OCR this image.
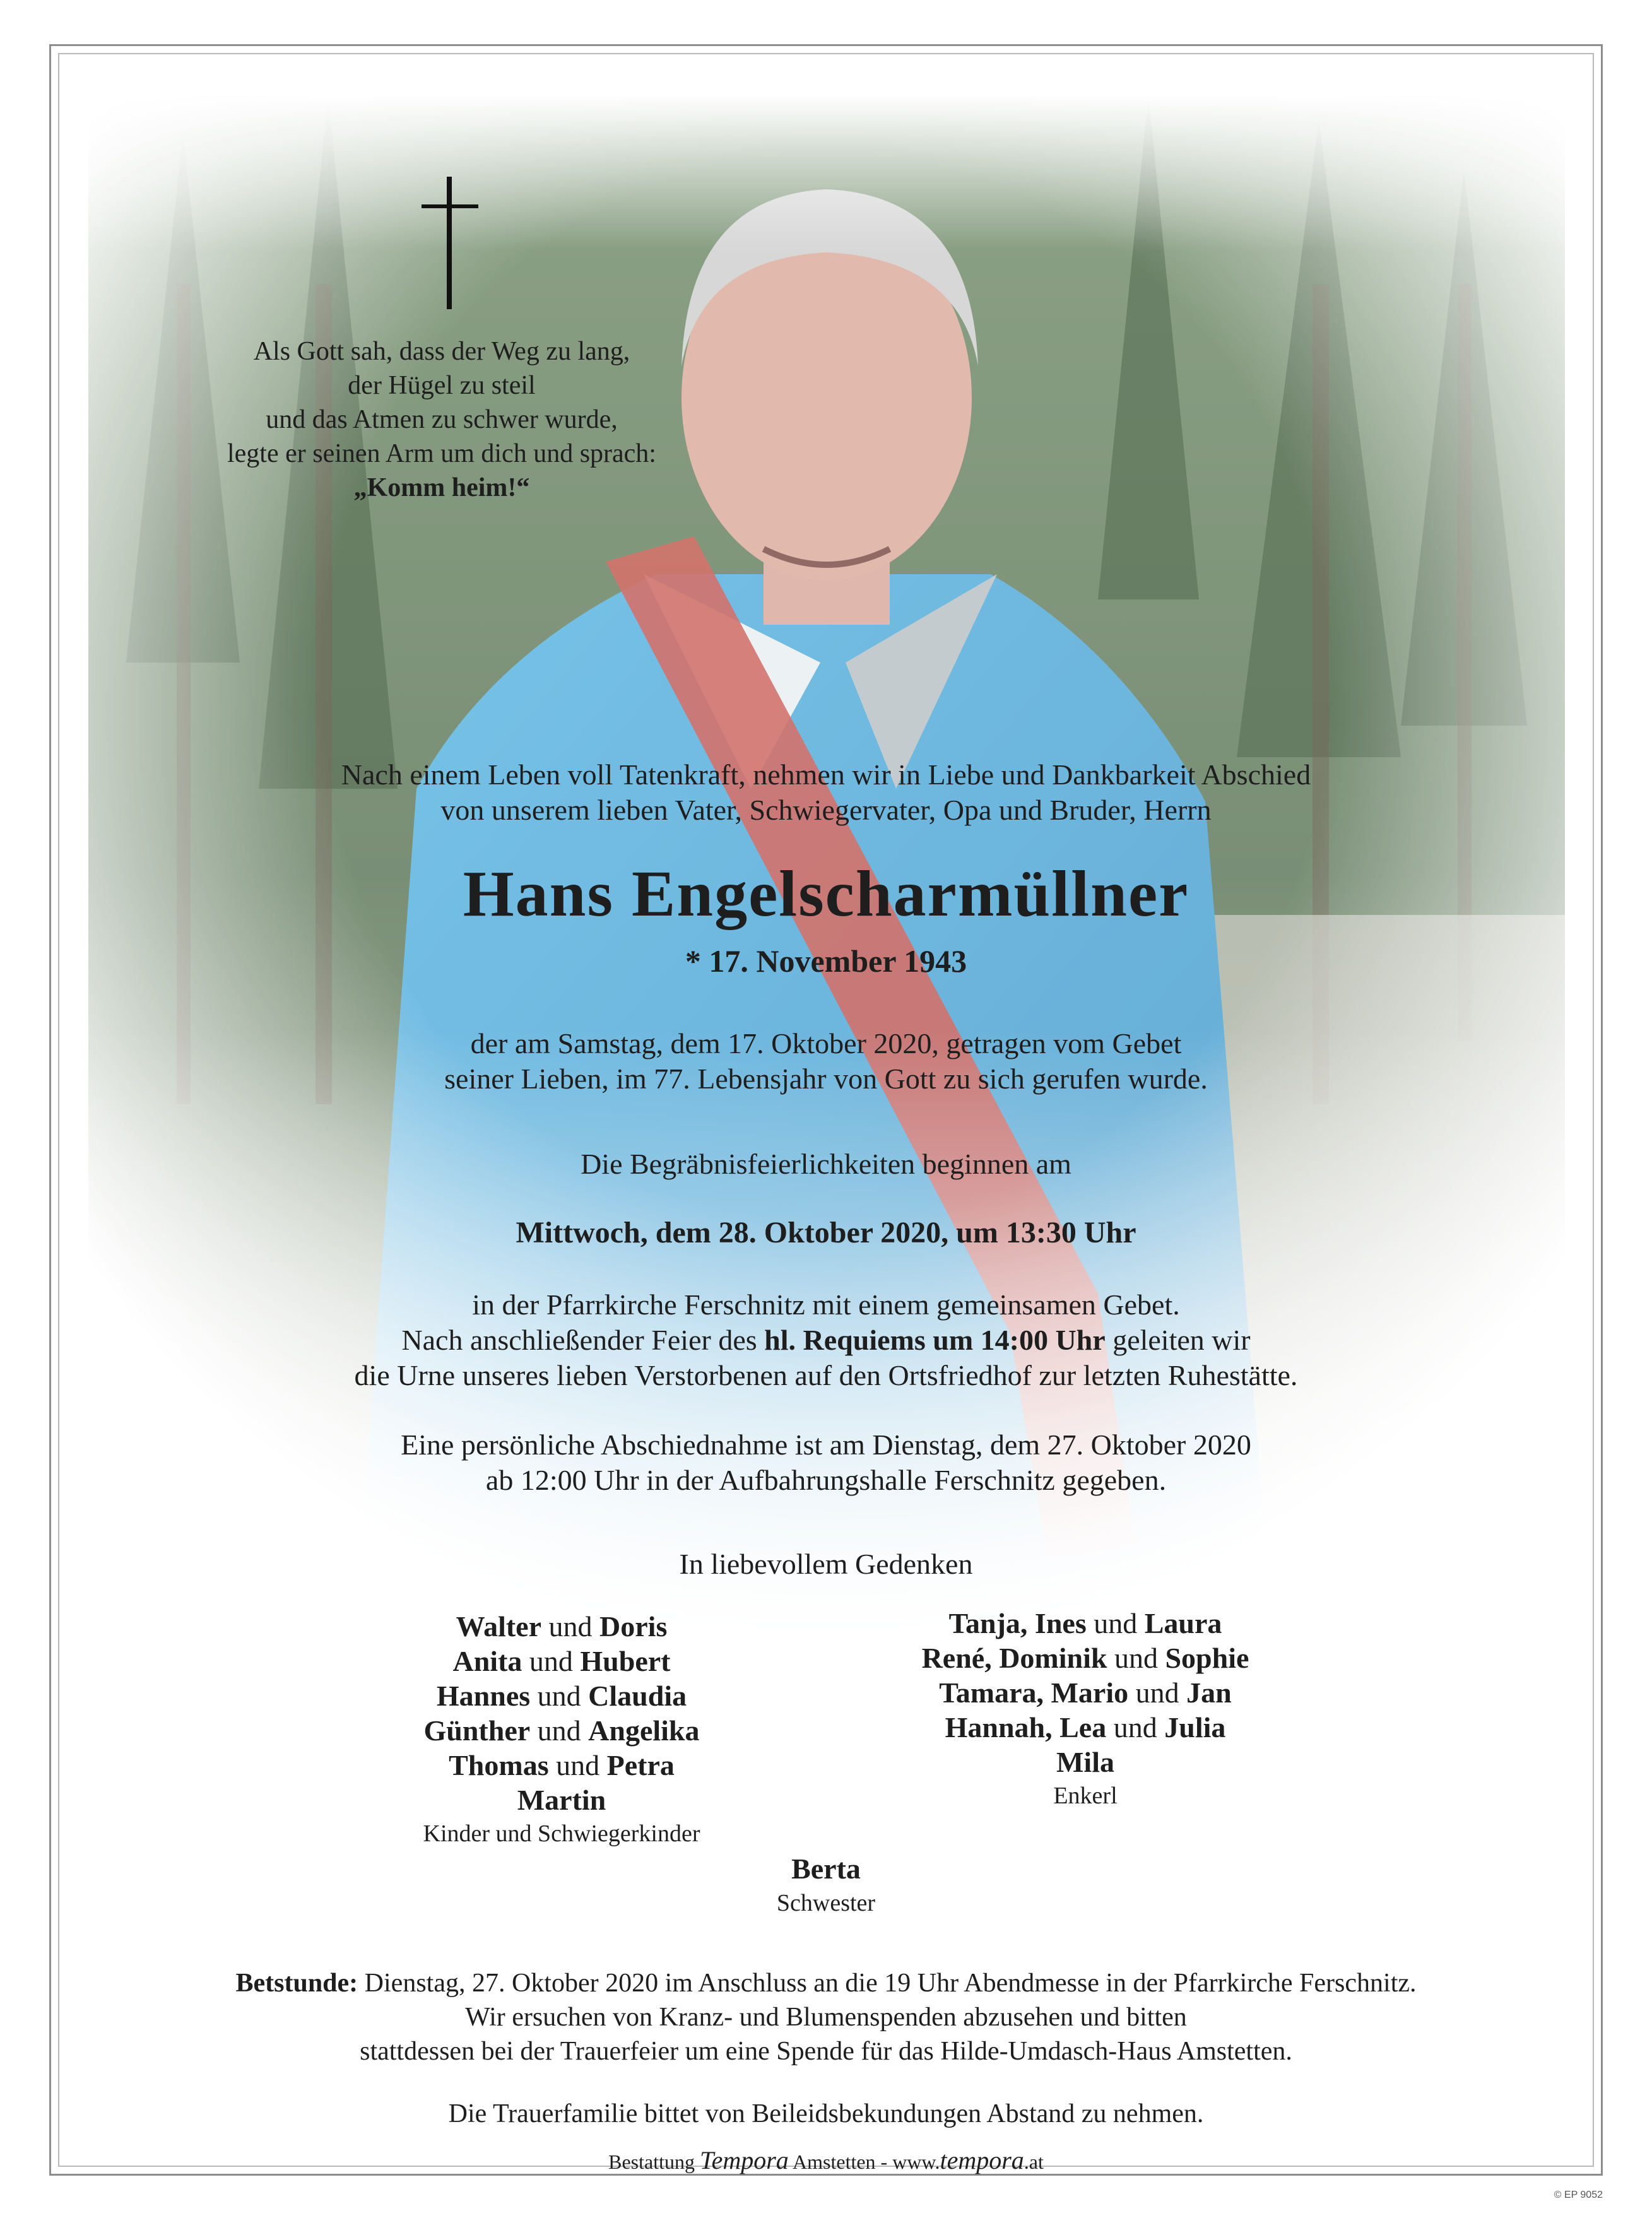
Als Gott sah, dass der Weg zu lang,
der Hügel zu steil
und das Atmen zu schwer wurde,
legte er seinen Arm um dich und sprach:
„Komm heim!“
Nach einem Leben voll Tatenkraft, nehmen wir in Liebe und Dankbarkeit Abschied
von unserem lieben Vater, Schwiegervater, Opa und Bruder, Herrn
Hans Engelscharmüllner
* 17. November 1943
der am Samstag, dem 17. Oktober 2020, getragen vom Gebet
seiner Lieben, im 77. Lebensjahr von Gott zu sich gerufen wurde.
Die Begräbnisfeierlichkeiten beginnen am
Mittwoch, dem 28. Oktober 2020, um 13:30 Uhr
in der Pfarrkirche Ferschnitz mit einem gemeinsamen Gebet.
Nach anschließender Feier des hl. Requiems um 14:00 Uhr geleiten wir
die Urne unseres lieben Verstorbenen auf den Ortsfriedhof zur letzten Ruhestätte.
Eine persönliche Abschiednahme ist am Dienstag, dem 27. Oktober 2020
ab 12:00 Uhr in der Aufbahrungshalle Ferschnitz gegeben.
In liebevollem Gedenken
Walter und Doris
Anita und Hubert
Hannes und Claudia
Günther und Angelika
Thomas und Petra
Martin
Kinder und Schwiegerkinder
Tanja, Ines und Laura
René, Dominik und Sophie
Tamara, Mario und Jan
Hannah, Lea und Julia
Mila
Enkerl
Berta
Schwester
Betstunde: Dienstag, 27. Oktober 2020 im Anschluss an die 19 Uhr Abendmesse in der Pfarrkirche Ferschnitz.
Wir ersuchen von Kranz- und Blumenspenden abzusehen und bitten
stattdessen bei der Trauerfeier um eine Spende für das Hilde-Umdasch-Haus Amstetten.
Die Trauerfamilie bittet von Beileidsbekundungen Abstand zu nehmen.
Bestattung Tempora Amstetten - www.tempora.at
© EP 9052
